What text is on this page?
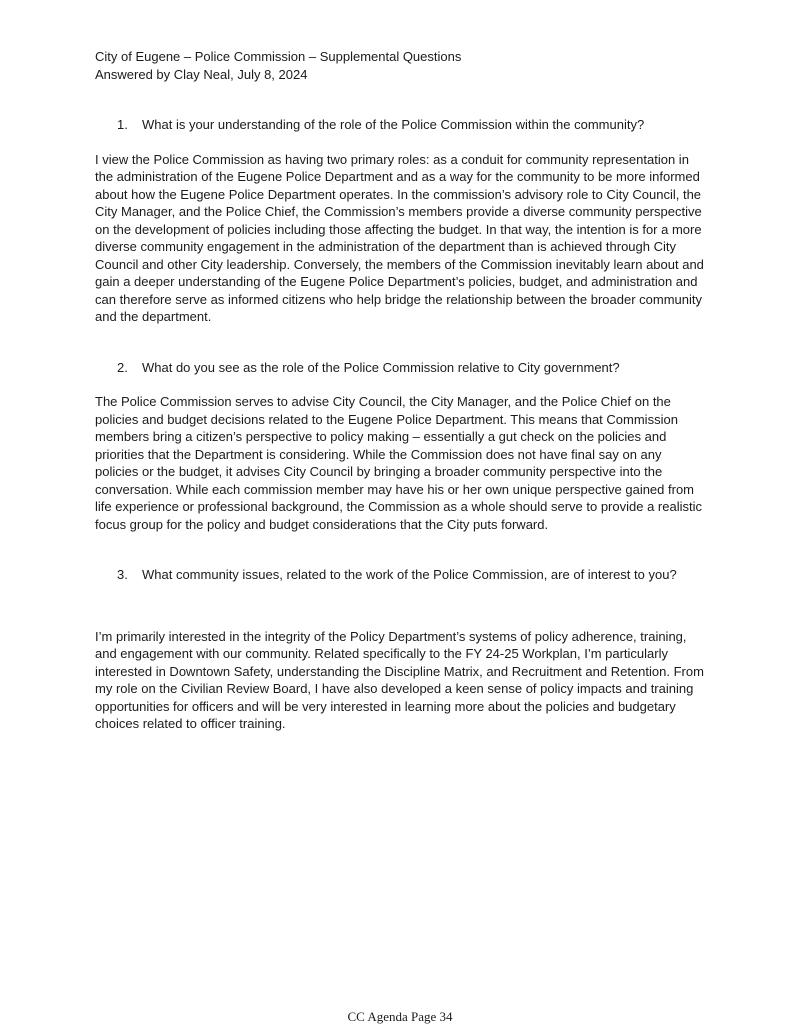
City of Eugene – Police Commission – Supplemental Questions

Answered by Clay Neal, July 8, 2024

1.	What is your understanding of the role of the Police Commission within the community?

I view the Police Commission as having two primary roles: as a conduit for community representation in the administration of the Eugene Police Department and as a way for the community to be more informed about how the Eugene Police Department operates. In the commission’s advisory role to City Council, the City Manager, and the Police Chief, the Commission’s members provide a diverse community perspective on the development of policies including those affecting the budget. In that way, the intention is for a more diverse community engagement in the administration of the department than is achieved through City Council and other City leadership. Conversely, the members of the Commission inevitably learn about and gain a deeper understanding of the Eugene Police Department’s policies, budget, and administration and can therefore serve as informed citizens who help bridge the relationship between the broader community and the department.

2.	What do you see as the role of the Police Commission relative to City government?

The Police Commission serves to advise City Council, the City Manager, and the Police Chief on the policies and budget decisions related to the Eugene Police Department. This means that Commission members bring a citizen’s perspective to policy making – essentially a gut check on the policies and priorities that the Department is considering. While the Commission does not have final say on any policies or the budget, it advises City Council by bringing a broader community perspective into the conversation. While each commission member may have his or her own unique perspective gained from life experience or professional background, the Commission as a whole should serve to provide a realistic focus group for the policy and budget considerations that the City puts forward.

3.	What community issues, related to the work of the Police Commission, are of interest to you?

I’m primarily interested in the integrity of the Policy Department’s systems of policy adherence, training, and engagement with our community. Related specifically to the FY 24-25 Workplan, I’m particularly interested in Downtown Safety, understanding the Discipline Matrix, and Recruitment and Retention. From my role on the Civilian Review Board, I have also developed a keen sense of policy impacts and training opportunities for officers and will be very interested in learning more about the policies and budgetary choices related to officer training.

CC Agenda Page 34
